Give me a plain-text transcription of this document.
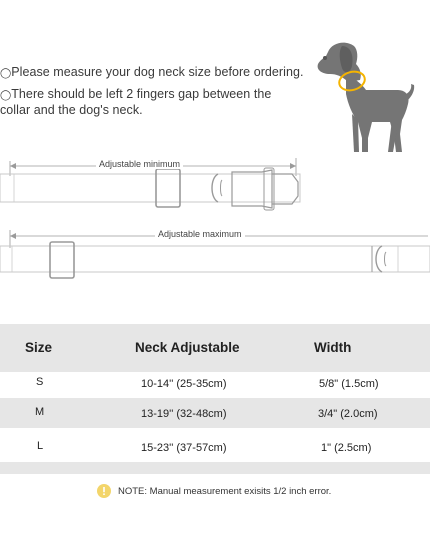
◯Please measure your dog neck size before ordering.
◯There should be left 2 fingers gap between the
collar and the dog's neck.
Adjustable minimum
Adjustable maximum
Size	Neck Adjustable	Width
S	10-14'' (25-35cm)	5/8" (1.5cm)
M	13-19'' (32-48cm)	3/4" (2.0cm)
L	15-23'' (37-57cm)	1" (2.5cm)
NOTE: Manual measurement exisits 1/2 inch error.
